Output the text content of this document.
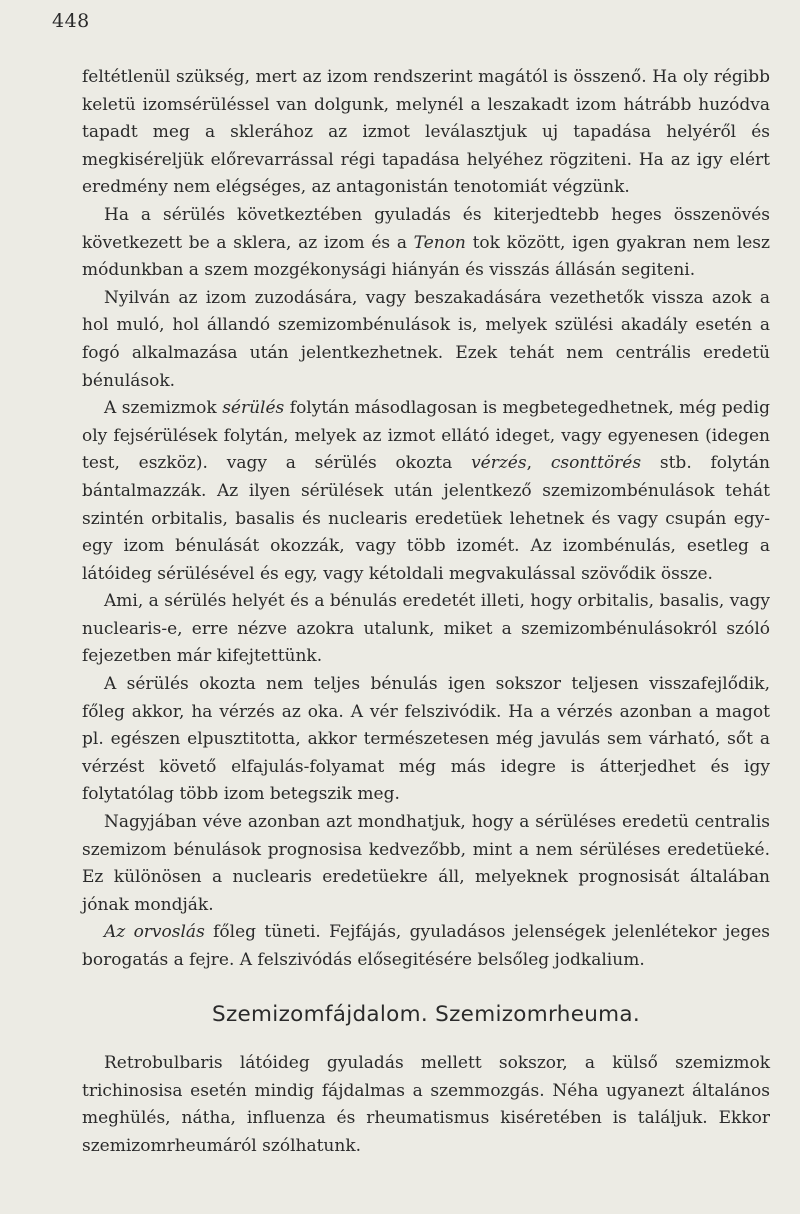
448

feltétlenül szükség, mert az izom rendszerint magától is összenő. Ha oly régibb keletü izomsérüléssel van dolgunk, melynél a leszakadt izom hátrább huzódva tapadt meg a sklerához az izmot leválasztjuk uj tapadása helyéről és megkiséreljük előrevarrással régi tapadása helyéhez rögziteni. Ha az igy elért eredmény nem elégséges, az antagonistán tenotomiát végzünk.

Ha a sérülés következtében gyuladás és kiterjedtebb heges összenövés következett be a sklera, az izom és a Tenon tok között, igen gyakran nem lesz módunkban a szem mozgékonysági hiányán és visszás állásán segiteni.

Nyilván az izom zuzodására, vagy beszakadására vezethetők vissza azok a hol muló, hol állandó szemizombénulások is, melyek szülési akadály esetén a fogó alkalmazása után jelentkezhetnek. Ezek tehát nem centrális eredetü bénulások.

A szemizmok sérülés folytán másodlagosan is megbetegedhetnek, még pedig oly fejsérülések folytán, melyek az izmot ellátó ideget, vagy egyenesen (idegen test, eszköz). vagy a sérülés okozta vérzés, csonttörés stb. folytán bántalmazzák. Az ilyen sérülések után jelentkező szemizombénulások tehát szintén orbitalis, basalis és nuclearis eredetüek lehetnek és vagy csupán egy-egy izom bénulását okozzák, vagy több izomét. Az izombénulás, esetleg a látóideg sérülésével és egy, vagy kétoldali megvakulással szövődik össze.

Ami, a sérülés helyét és a bénulás eredetét illeti, hogy orbitalis, basalis, vagy nuclearis-e, erre nézve azokra utalunk, miket a szemizombénulásokról szóló fejezetben már kifejtettünk.

A sérülés okozta nem teljes bénulás igen sokszor teljesen visszafejlődik, főleg akkor, ha vérzés az oka. A vér felszivódik. Ha a vérzés azonban a magot pl. egészen elpusztitotta, akkor természetesen még javulás sem várható, sőt a vérzést követő elfajulás-folyamat még más idegre is átterjedhet és igy folytatólag több izom betegszik meg.

Nagyjában véve azonban azt mondhatjuk, hogy a sérüléses eredetü centralis szemizom bénulások prognosisa kedvezőbb, mint a nem sérüléses eredetüeké. Ez különösen a nuclearis eredetüekre áll, melyeknek prognosisát általában jónak mondják.

Az orvoslás főleg tüneti. Fejfájás, gyuladásos jelenségek jelenlétekor jeges borogatás a fejre. A felszivódás elősegitésére belsőleg jodkalium.

Szemizomfájdalom. Szemizomrheuma.

Retrobulbaris látóideg gyuladás mellett sokszor, a külső szemizmok trichinosisa esetén mindig fájdalmas a szemmozgás. Néha ugyanezt általános meghülés, nátha, influenza és rheumatismus kiséretében is találjuk. Ekkor szemizomrheumáról szólhatunk.
